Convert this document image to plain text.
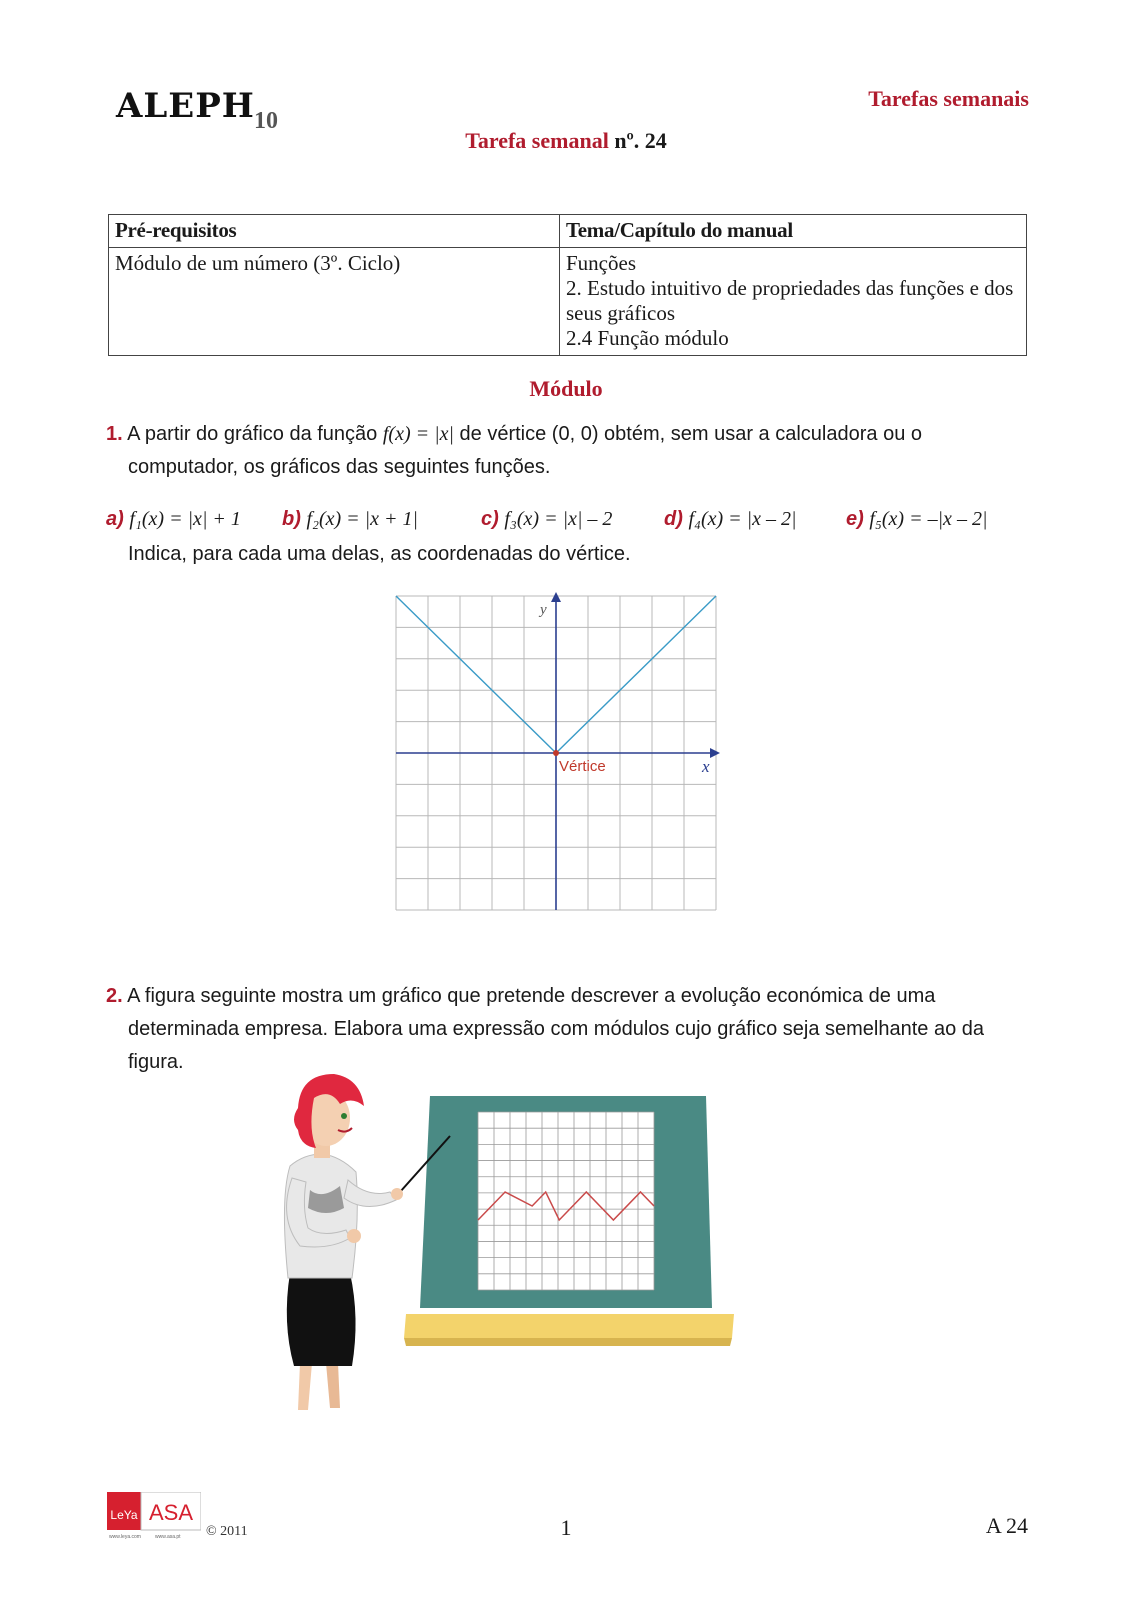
ALEPH 10
Tarefas semanais
Tarefa semanal nº. 24
Pré-requisitos	Tema/Capítulo do manual
Módulo de um número (3º. Ciclo)	Funções
2. Estudo intuitivo de propriedades das funções e dos seus gráficos
2.4 Função módulo
Módulo
1. A partir do gráfico da função f(x) = |x| de vértice (0, 0) obtém, sem usar a calculadora ou o computador, os gráficos das seguintes funções.
a) f₁(x) = |x| + 1 b) f₂(x) = |x + 1|	c) f₃(x) = |x| – 2	d) f₄(x) = |x – 2| e) f₅(x) = –|x – 2|
Indica, para cada uma delas, as coordenadas do vértice.
Vértice	x
y
2. A figura seguinte mostra um gráfico que pretende descrever a evolução económica de uma determinada empresa. Elabora uma expressão com módulos cujo gráfico seja semelhante ao da figura.
LeYa ASA
www.leya.com	www.asa.pt © 2011	1	A 24
